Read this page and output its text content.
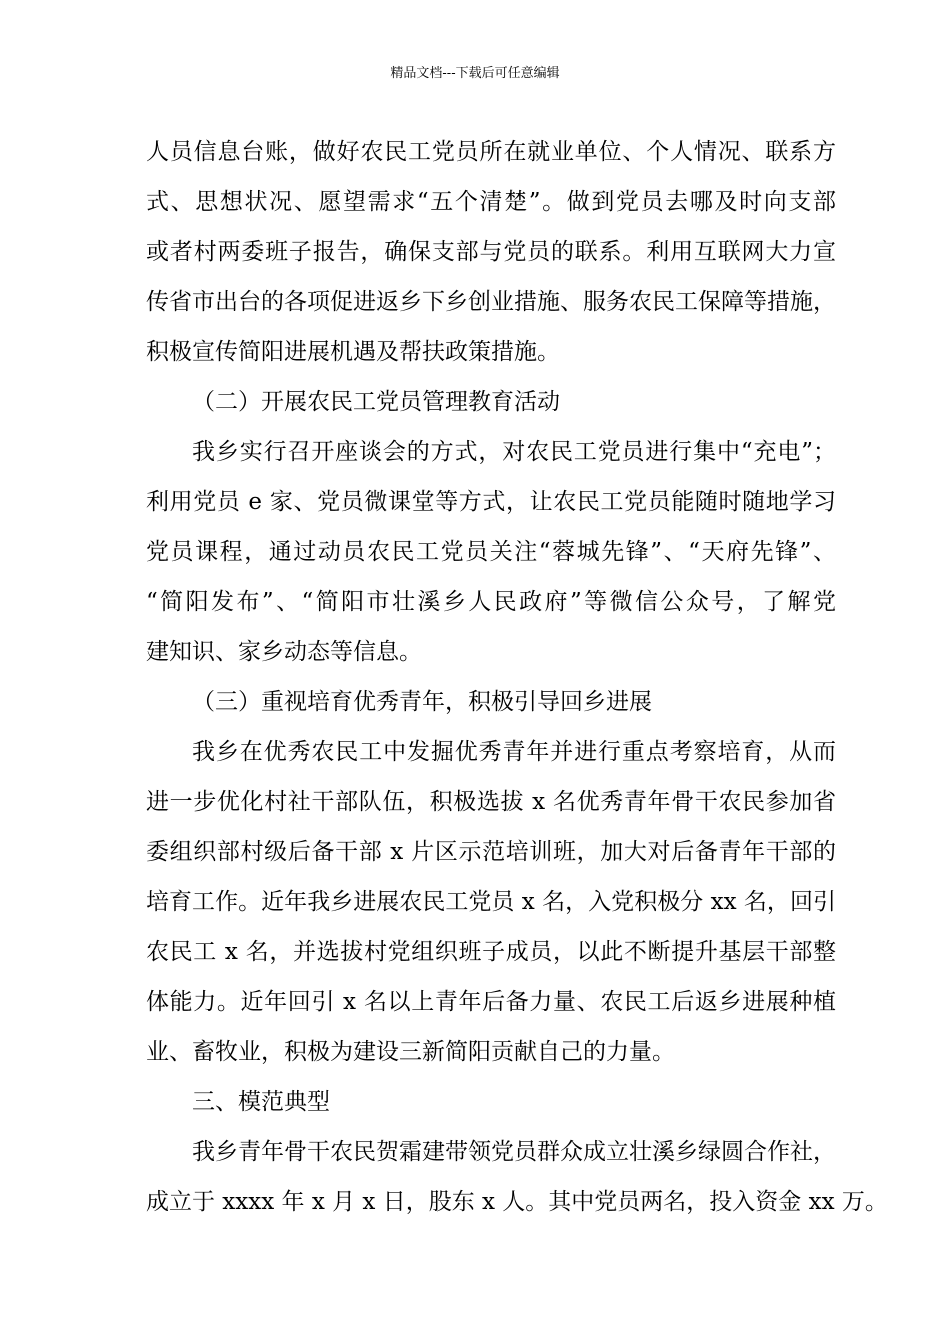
精品文档---下载后可任意编辑
人员信息台账，做好农民工党员所在就业单位、个人情况、联系方
式、思想状况、愿望需求“五个清楚”。做到党员去哪及时向支部
或者村两委班子报告，确保支部与党员的联系。利用互联网大力宣
传省市出台的各项促进返乡下乡创业措施、服务农民工保障等措施，
积极宣传简阳进展机遇及帮扶政策措施。
（二）开展农民工党员管理教育活动
我乡实行召开座谈会的方式，对农民工党员进行集中“充电”；
利用党员 e 家、党员微课堂等方式，让农民工党员能随时随地学习
党员课程，通过动员农民工党员关注“蓉城先锋”、“天府先锋”、
“简阳发布”、“简阳市壮溪乡人民政府”等微信公众号，了解党
建知识、家乡动态等信息。
（三）重视培育优秀青年，积极引导回乡进展
我乡在优秀农民工中发掘优秀青年并进行重点考察培育，从而
进一步优化村社干部队伍，积极选拔 x 名优秀青年骨干农民参加省
委组织部村级后备干部 x 片区示范培训班，加大对后备青年干部的
培育工作。近年我乡进展农民工党员 x 名，入党积极分 xx 名，回引
农民工 x 名，并选拔村党组织班子成员，以此不断提升基层干部整
体能力。近年回引 x 名以上青年后备力量、农民工后返乡进展种植
业、畜牧业，积极为建设三新简阳贡献自己的力量。
三、模范典型
我乡青年骨干农民贺霜建带领党员群众成立壮溪乡绿圆合作社，
成立于 xxxx 年 x 月 x 日，股东 x 人。其中党员两名，投入资金 xx 万。
